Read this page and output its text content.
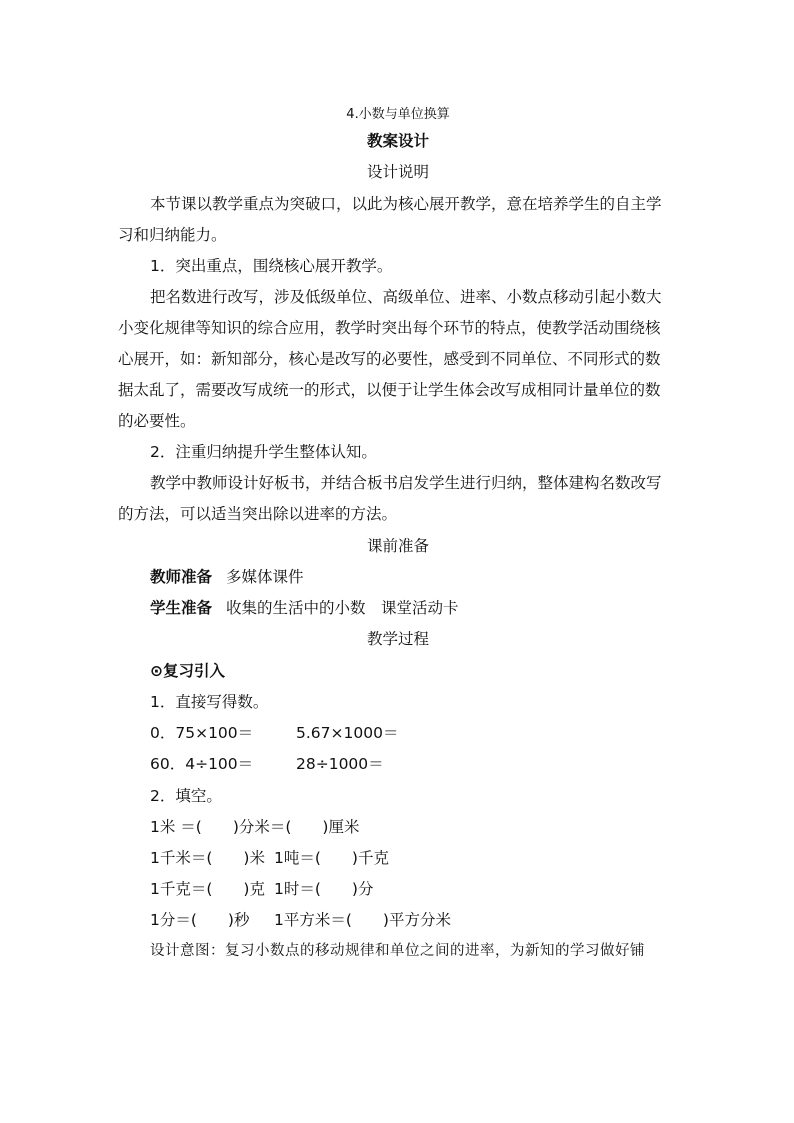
4.小数与单位换算
教案设计
设计说明
本节课以教学重点为突破口，以此为核心展开教学，意在培养学生的自主学
习和归纳能力。
1．突出重点，围绕核心展开教学。
把名数进行改写，涉及低级单位、高级单位、进率、小数点移动引起小数大
小变化规律等知识的综合应用，教学时突出每个环节的特点，使教学活动围绕核
心展开，如：新知部分，核心是改写的必要性，感受到不同单位、不同形式的数
据太乱了，需要改写成统一的形式，以便于让学生体会改写成相同计量单位的数
的必要性。
2．注重归纳提升学生整体认知。
教学中教师设计好板书，并结合板书启发学生进行归纳，整体建构名数改写
的方法，可以适当突出除以进率的方法。
课前准备
教师准备 多媒体课件
学生准备 收集的生活中的小数　课堂活动卡
教学过程
⊙复习引入
1．直接写得数。
0．75×100＝	5.67×1000＝
60．4÷100＝	28÷1000＝
2．填空。
1米 ＝(　　)分米＝(　　)厘米
1千米＝(　　)米 1吨＝(　　)千克
1千克＝(　　)克 1时＝(　　)分
1分＝(　　)秒 1平方米＝(　　)平方分米
设计意图：复习小数点的移动规律和单位之间的进率，为新知的学习做好铺
